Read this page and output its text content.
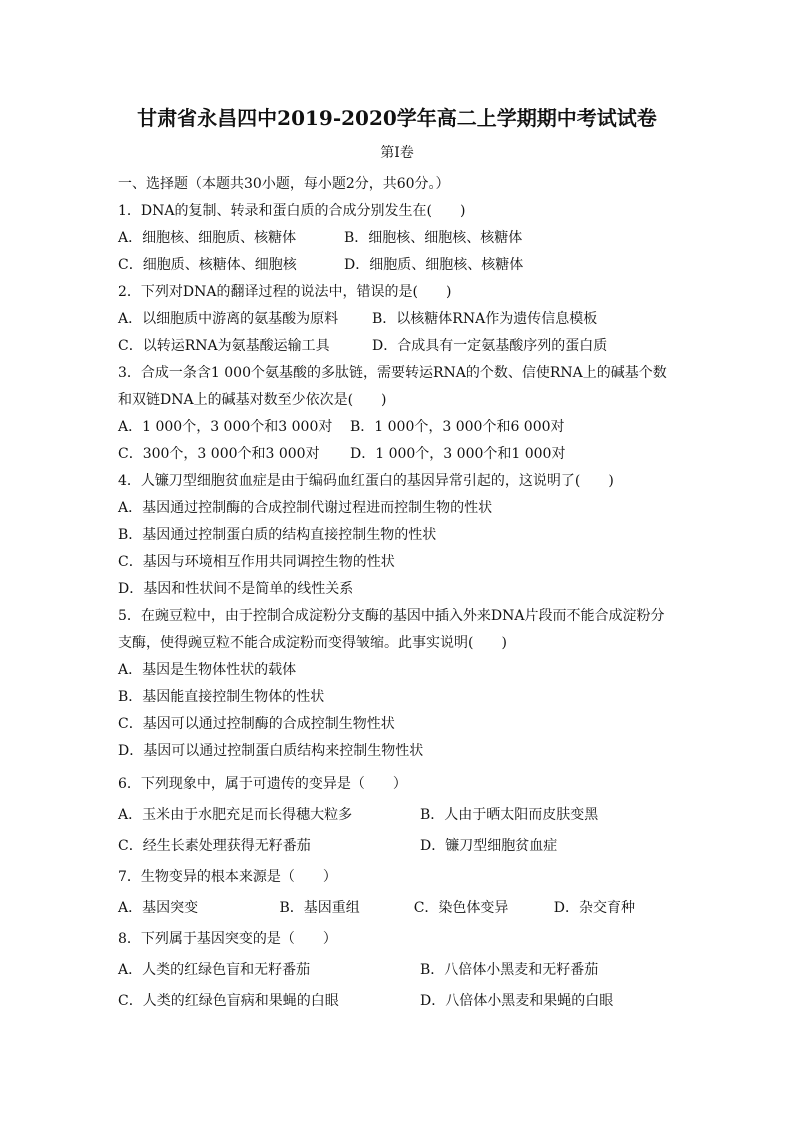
甘肃省永昌四中2019-2020学年高二上学期期中考试试卷
第Ⅰ卷

一、选择题（本题共30小题，每小题2分，共60分。）

1．DNA的复制、转录和蛋白质的合成分别发生在(　　)

A．细胞核、细胞质、核糖体	B．细胞核、细胞核、核糖体
C．细胞质、核糖体、细胞核	D．细胞质、细胞核、核糖体

2．下列对DNA的翻译过程的说法中，错误的是(　　)

A．以细胞质中游离的氨基酸为原料	B．以核糖体RNA作为遗传信息模板
C．以转运RNA为氨基酸运输工具	D．合成具有一定氨基酸序列的蛋白质

3．合成一条含1 000个氨基酸的多肽链，需要转运RNA的个数、信使RNA上的碱基个数

和双链DNA上的碱基对数至少依次是(　　)

A．1 000个，3 000个和3 000对	B．1 000个，3 000个和6 000对
C．300个，3 000个和3 000对	D．1 000个，3 000个和1 000对

4．人镰刀型细胞贫血症是由于编码血红蛋白的基因异常引起的，这说明了(　　)

A．基因通过控制酶的合成控制代谢过程进而控制生物的性状

B．基因通过控制蛋白质的结构直接控制生物的性状

C．基因与环境相互作用共同调控生物的性状

D．基因和性状间不是简单的线性关系

5．在豌豆粒中，由于控制合成淀粉分支酶的基因中插入外来DNA片段而不能合成淀粉分

支酶，使得豌豆粒不能合成淀粉而变得皱缩。此事实说明(　　)

A．基因是生物体性状的载体

B．基因能直接控制生物体的性状

C．基因可以通过控制酶的合成控制生物性状

D．基因可以通过控制蛋白质结构来控制生物性状

6．下列现象中，属于可遗传的变异是（　　）

A．玉米由于水肥充足而长得穗大粒多	B．人由于晒太阳而皮肤变黑
C．经生长素处理获得无籽番茄	D．镰刀型细胞贫血症

7．生物变异的根本来源是（　　）

A．基因突变	B．基因重组	C．染色体变异	D．杂交育种

8．下列属于基因突变的是（　　）

A．人类的红绿色盲和无籽番茄	B．八倍体小黑麦和无籽番茄
C．人类的红绿色盲病和果蝇的白眼	D．八倍体小黑麦和果蝇的白眼
